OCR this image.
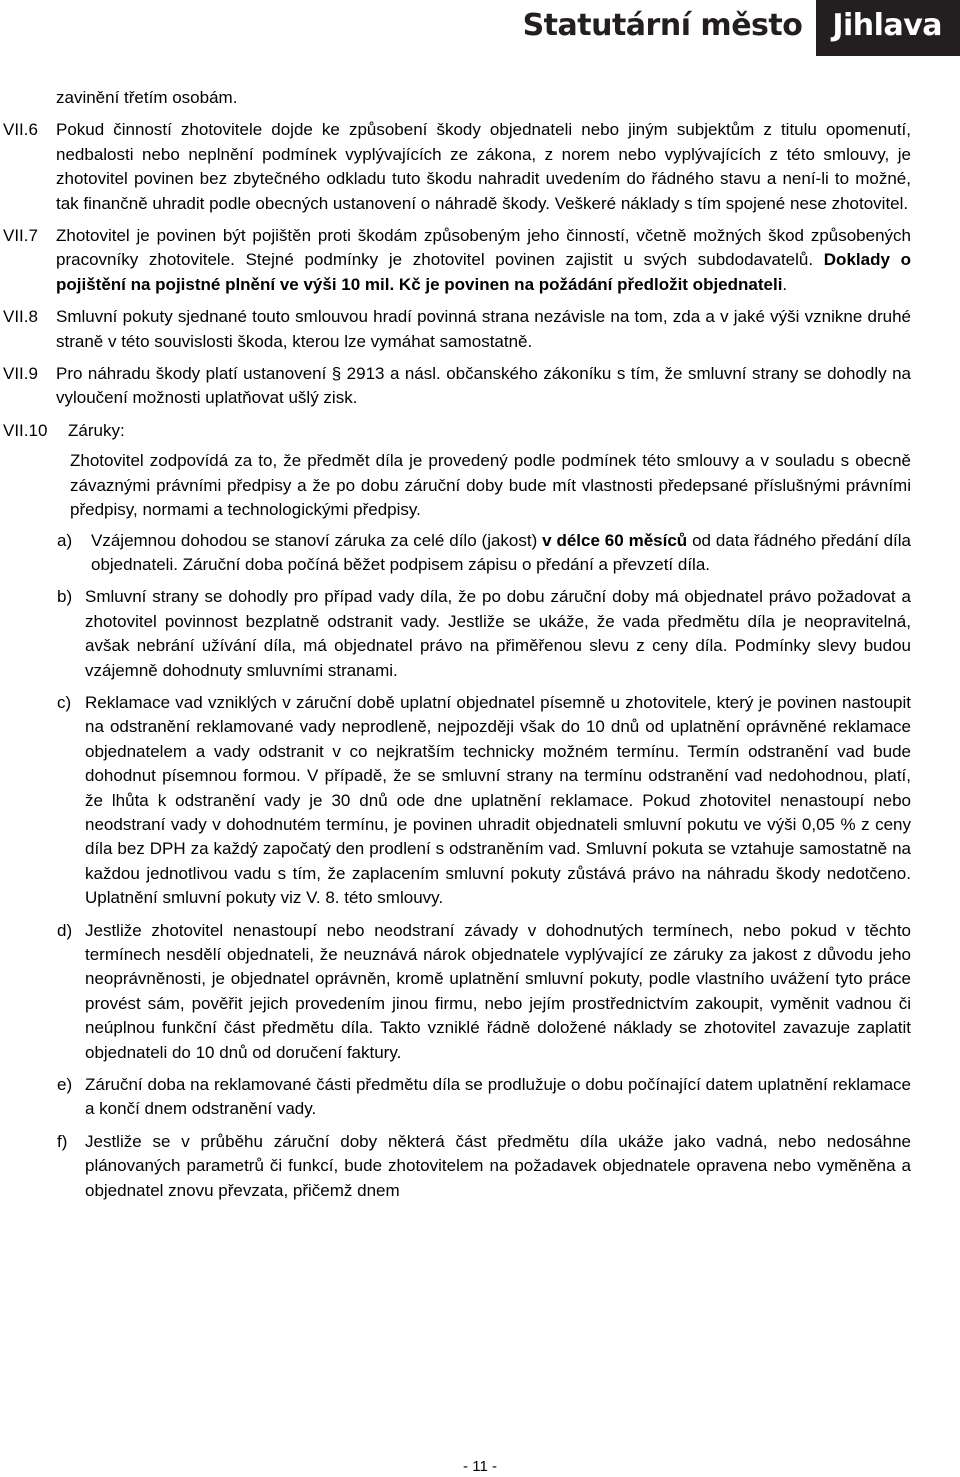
Statutární město	Jihlava

zavinění třetím osobám.

VII.6 Pokud činností zhotovitele dojde ke způsobení škody objednateli nebo jiným subjektům z titulu opomenutí, nedbalosti nebo neplnění podmínek vyplývajících ze zákona, z norem nebo vyplývajících z této smlouvy, je zhotovitel povinen bez zbytečného odkladu tuto škodu nahradit uvedením do řádného stavu a není-li to možné, tak finančně uhradit podle obecných ustanovení o náhradě škody. Veškeré náklady s tím spojené nese zhotovitel.

VII.7 Zhotovitel je povinen být pojištěn proti škodám způsobeným jeho činností, včetně možných škod způsobených pracovníky zhotovitele. Stejné podmínky je zhotovitel povinen zajistit u svých subdodavatelů. Doklady o pojištění na pojistné plnění ve výši 10 mil. Kč je povinen na požádání předložit objednateli.

VII.8 Smluvní pokuty sjednané touto smlouvou hradí povinná strana nezávisle na tom, zda a v jaké výši vznikne druhé straně v této souvislosti škoda, kterou lze vymáhat samostatně.

VII.9 Pro náhradu škody platí ustanovení § 2913 a násl. občanského zákoníku s tím, že smluvní strany se dohodly na vyloučení možnosti uplatňovat ušlý zisk.

VII.10	Záruky:

Zhotovitel zodpovídá za to, že předmět díla je provedený podle podmínek této smlouvy a v souladu s obecně závaznými právními předpisy a že po dobu záruční doby bude mít vlastnosti předepsané příslušnými právními předpisy, normami a technologickými předpisy.

a) Vzájemnou dohodou se stanoví záruka za celé dílo (jakost) v délce 60 měsíců od data řádného předání díla objednateli. Záruční doba počíná běžet podpisem zápisu o předání a převzetí díla.

b) Smluvní strany se dohodly pro případ vady díla, že po dobu záruční doby má objednatel právo požadovat a zhotovitel povinnost bezplatně odstranit vady. Jestliže se ukáže, že vada předmětu díla je neopravitelná, avšak nebrání užívání díla, má objednatel právo na přiměřenou slevu z ceny díla. Podmínky slevy budou vzájemně dohodnuty smluvními stranami.

c) Reklamace vad vzniklých v záruční době uplatní objednatel písemně u zhotovitele, který je povinen nastoupit na odstranění reklamované vady neprodleně, nejpozději však do 10 dnů od uplatnění oprávněné reklamace objednatelem a vady odstranit v co nejkratším technicky možném termínu. Termín odstranění vad bude dohodnut písemnou formou. V případě, že se smluvní strany na termínu odstranění vad nedohodnou, platí, že lhůta k odstranění vady je 30 dnů ode dne uplatnění reklamace. Pokud zhotovitel nenastoupí nebo neodstraní vady v dohodnutém termínu, je povinen uhradit objednateli smluvní pokutu ve výši 0,05 % z ceny díla bez DPH za každý započatý den prodlení s odstraněním vad. Smluvní pokuta se vztahuje samostatně na každou jednotlivou vadu s tím, že zaplacením smluvní pokuty zůstává právo na náhradu škody nedotčeno. Uplatnění smluvní pokuty viz V. 8. této smlouvy.

d) Jestliže zhotovitel nenastoupí nebo neodstraní závady v dohodnutých termínech, nebo pokud v těchto termínech nesdělí objednateli, že neuznává nárok objednatele vyplývající ze záruky za jakost z důvodu jeho neoprávněnosti, je objednatel oprávněn, kromě uplatnění smluvní pokuty, podle vlastního uvážení tyto práce provést sám, pověřit jejich provedením jinou firmu, nebo jejím prostřednictvím zakoupit, vyměnit vadnou či neúplnou funkční část předmětu díla. Takto vzniklé řádně doložené náklady se zhotovitel zavazuje zaplatit objednateli do 10 dnů od doručení faktury.

e) Záruční doba na reklamované části předmětu díla se prodlužuje o dobu počínající datem uplatnění reklamace a končí dnem odstranění vady.

f) Jestliže se v průběhu záruční doby některá část předmětu díla ukáže jako vadná, nebo nedosáhne plánovaných parametrů či funkcí, bude zhotovitelem na požadavek objednatele opravena nebo vyměněna a objednatel znovu převzata, přičemž dnem

- 11 -
